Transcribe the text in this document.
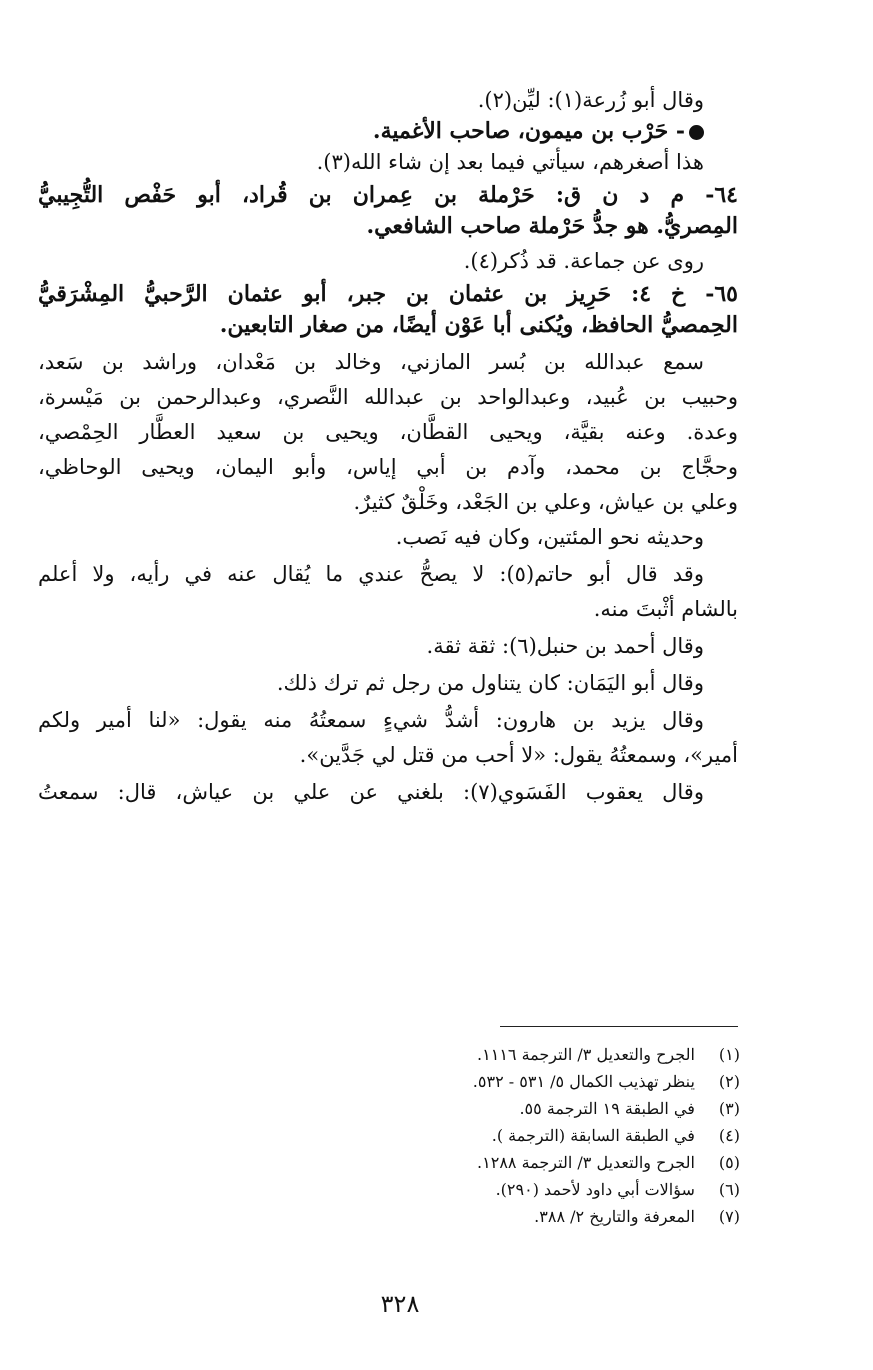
وقال أبو زُرعة(١): ليِّن(٢).
- حَرْب بن ميمون، صاحب الأغمية.
هذا أصغرهم، سيأتي فيما بعد إن شاء الله(٣).
٦٤- م د ن ق: حَرْملة بن عِمران بن قُراد، أبو حَفْص التُّجِيبيُّ
المِصريُّ. هو جدُّ حَرْملة صاحب الشافعي.
روى عن جماعة. قد ذُكر(٤).
٦٥- خ ٤: حَرِيز بن عثمان بن جبر، أبو عثمان الرَّحبيُّ المِشْرَقيُّ
الحِمصيُّ الحافظ، ويُكنى أبا عَوْن أيضًا، من صغار التابعين.
سمع عبدالله بن بُسر المازني، وخالد بن مَعْدان، وراشد بن سَعد،
وحبيب بن عُبيد، وعبدالواحد بن عبدالله النَّصري، وعبدالرحمن بن مَيْسرة،
وعدة. وعنه بقيَّة، ويحيى القطَّان، ويحيى بن سعيد العطَّار الحِمْصي،
وحجَّاج بن محمد، وآدم بن أبي إياس، وأبو اليمان، ويحيى الوحاظي،
وعلي بن عياش، وعلي بن الجَعْد، وخَلْقٌ كثيرٌ.
وحديثه نحو المئتين، وكان فيه نَصب.
وقد قال أبو حاتم(٥): لا يصحُّ عندي ما يُقال عنه في رأيه، ولا أعلم
بالشام أثْبتَ منه.
وقال أحمد بن حنبل(٦): ثقة ثقة.
وقال أبو اليَمَان: كان يتناول من رجل ثم ترك ذلك.
وقال يزيد بن هارون: أشدُّ شيءٍ سمعتُهُ منه يقول: «لنا أمير ولكم
أمير»، وسمعتُهُ يقول: «لا أحب من قتل لي جَدَّين».
وقال يعقوب الفَسَوي(٧): بلغني عن علي بن عياش، قال: سمعتُ
(١) الجرح والتعديل ٣/ الترجمة ١١١٦.
(٢) ينظر تهذيب الكمال ٥/ ٥٣١ - ٥٣٢.
(٣) في الطبقة ١٩ الترجمة ٥٥.
(٤) في الطبقة السابقة (الترجمة ).
(٥) الجرح والتعديل ٣/ الترجمة ١٢٨٨.
(٦) سؤالات أبي داود لأحمد (٢٩٠).
(٧) المعرفة والتاريخ ٢/ ٣٨٨.
٣٢٨
